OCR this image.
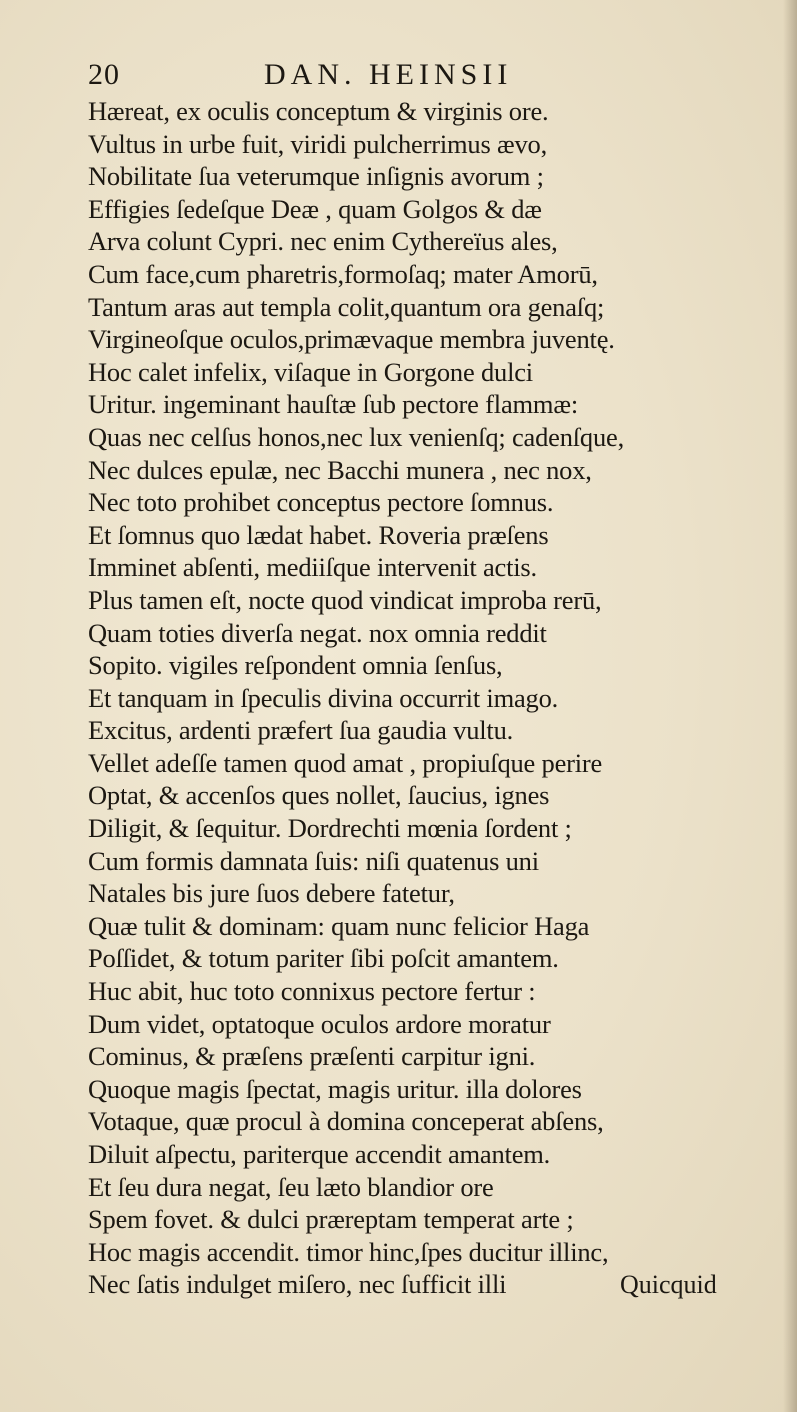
20	DAN. HEINSII
Hæreat, ex oculis conceptum & virginis ore.
Vultus in urbe fuit, viridi pulcherrimus ævo,
Nobilitate ſua veterumque inſignis avorum ;
Effigies ſedeſque Deæ , quam Golgos & dæ
Arva colunt Cypri. nec enim Cythereïus ales,
Cum face,cum pharetris,formoſaq; mater Amorū,
Tantum aras aut templa colit,quantum ora genaſq;
Virgineoſque oculos,primævaque membra juventę.
Hoc calet infelix, viſaque in Gorgone dulci
Uritur. ingeminant hauſtæ ſub pectore flammæ:
Quas nec celſus honos,nec lux venienſq; cadenſque,
Nec dulces epulæ, nec Bacchi munera , nec nox,
Nec toto prohibet conceptus pectore ſomnus.
Et ſomnus quo lædat habet. Roveria præſens
Imminet abſenti, mediiſque intervenit actis.
Plus tamen eſt, nocte quod vindicat improba rerū,
Quam toties diverſa negat. nox omnia reddit
Sopito. vigiles reſpondent omnia ſenſus,
Et tanquam in ſpeculis divina occurrit imago.
Excitus, ardenti præfert ſua gaudia vultu.
Vellet adeſſe tamen quod amat , propiuſque perire
Optat, & accenſos ques nollet, ſaucius, ignes
Diligit, & ſequitur. Dordrechti mœnia ſordent ;
Cum formis damnata ſuis: niſi quatenus uni
Natales bis jure ſuos debere fatetur,
Quæ tulit & dominam: quam nunc felicior Haga
Poſſidet, & totum pariter ſibi poſcit amantem.
Huc abit, huc toto connixus pectore fertur :
Dum videt, optatoque oculos ardore moratur
Cominus, & præſens præſenti carpitur igni.
Quoque magis ſpectat, magis uritur. illa dolores
Votaque, quæ procul à domina conceperat abſens,
Diluit aſpectu, pariterque accendit amantem.
Et ſeu dura negat, ſeu læto blandior ore
Spem fovet. & dulci præreptam temperat arte ;
Hoc magis accendit. timor hinc,ſpes ducitur illinc,
Nec ſatis indulget miſero, nec ſufficit illi	Quicquid
